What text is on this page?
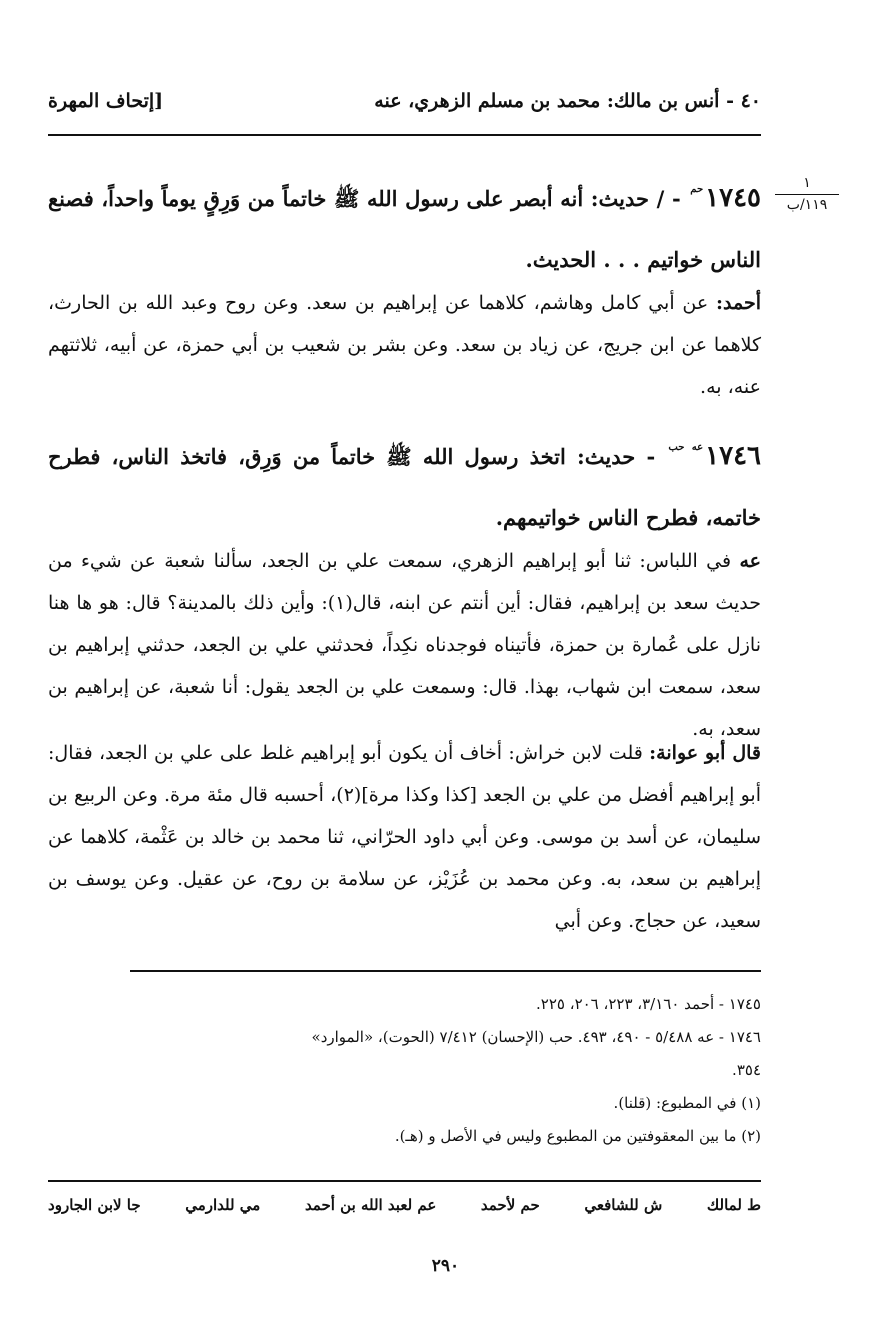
٤٠ - أنس بن مالك: محمد بن مسلم الزهري، عنه
[إتحاف المهرة
١
١١٩/ب
$١٧٤٥^{حم}$ - / حديث: أنه أبصر على رسول الله ﷺ خاتماً من وَرِقٍ يوماً واحداً، فصنع الناس خواتيم . . . الحديث.
أحمد: عن أبي كامل وهاشم، كلاهما عن إبراهيم بن سعد. وعن روح وعبد الله بن الحارث، كلاهما عن ابن جريج، عن زياد بن سعد. وعن بشر بن شعيب بن أبي حمزة، عن أبيه، ثلاثتهم عنه، به.
$١٧٤٦^{عه حب}$ - حديث: اتخذ رسول الله ﷺ خاتماً من وَرِق، فاتخذ الناس، فطرح خاتمه، فطرح الناس خواتيمهم.
عه في اللباس: ثنا أبو إبراهيم الزهري، سمعت علي بن الجعد، سألنا شعبة عن شيء من حديث سعد بن إبراهيم، فقال: أين أنتم عن ابنه، قال(١): وأين ذلك بالمدينة؟ قال: هو ها هنا نازل على عُمارة بن حمزة، فأتيناه فوجدناه نكِداً، فحدثني علي بن الجعد، حدثني إبراهيم بن سعد، سمعت ابن شهاب، بهذا. قال: وسمعت علي بن الجعد يقول: أنا شعبة، عن إبراهيم بن سعد، به.
قال أبو عوانة: قلت لابن خراش: أخاف أن يكون أبو إبراهيم غلط على علي بن الجعد، فقال: أبو إبراهيم أفضل من علي بن الجعد [كذا وكذا مرة](٢)، أحسبه قال مئة مرة. وعن الربيع بن سليمان، عن أسد بن موسى. وعن أبي داود الحرّاني، ثنا محمد بن خالد بن عَثْمة، كلاهما عن إبراهيم بن سعد، به. وعن محمد بن عُزَيْز، عن سلامة بن روح، عن عقيل. وعن يوسف بن سعيد، عن حجاج. وعن أبي
١٧٤٥ - أحمد ٣/١٦٠، ٢٢٣، ٢٠٦، ٢٢٥.
١٧٤٦ - عه ٥/٤٨٨ - ٤٩٠، ٤٩٣. حب (الإحسان) ٧/٤١٢ (الحوت)، «الموارد»
٣٥٤.
(١) في المطبوع: (قلنا).
(٢) ما بين المعقوفتين من المطبوع وليس في الأصل و (هـ).
ط لمالك
ش للشافعي
حم لأحمد
عم لعبد الله بن أحمد
مي للدارمي
جا لابن الجارود
٢٩٠
